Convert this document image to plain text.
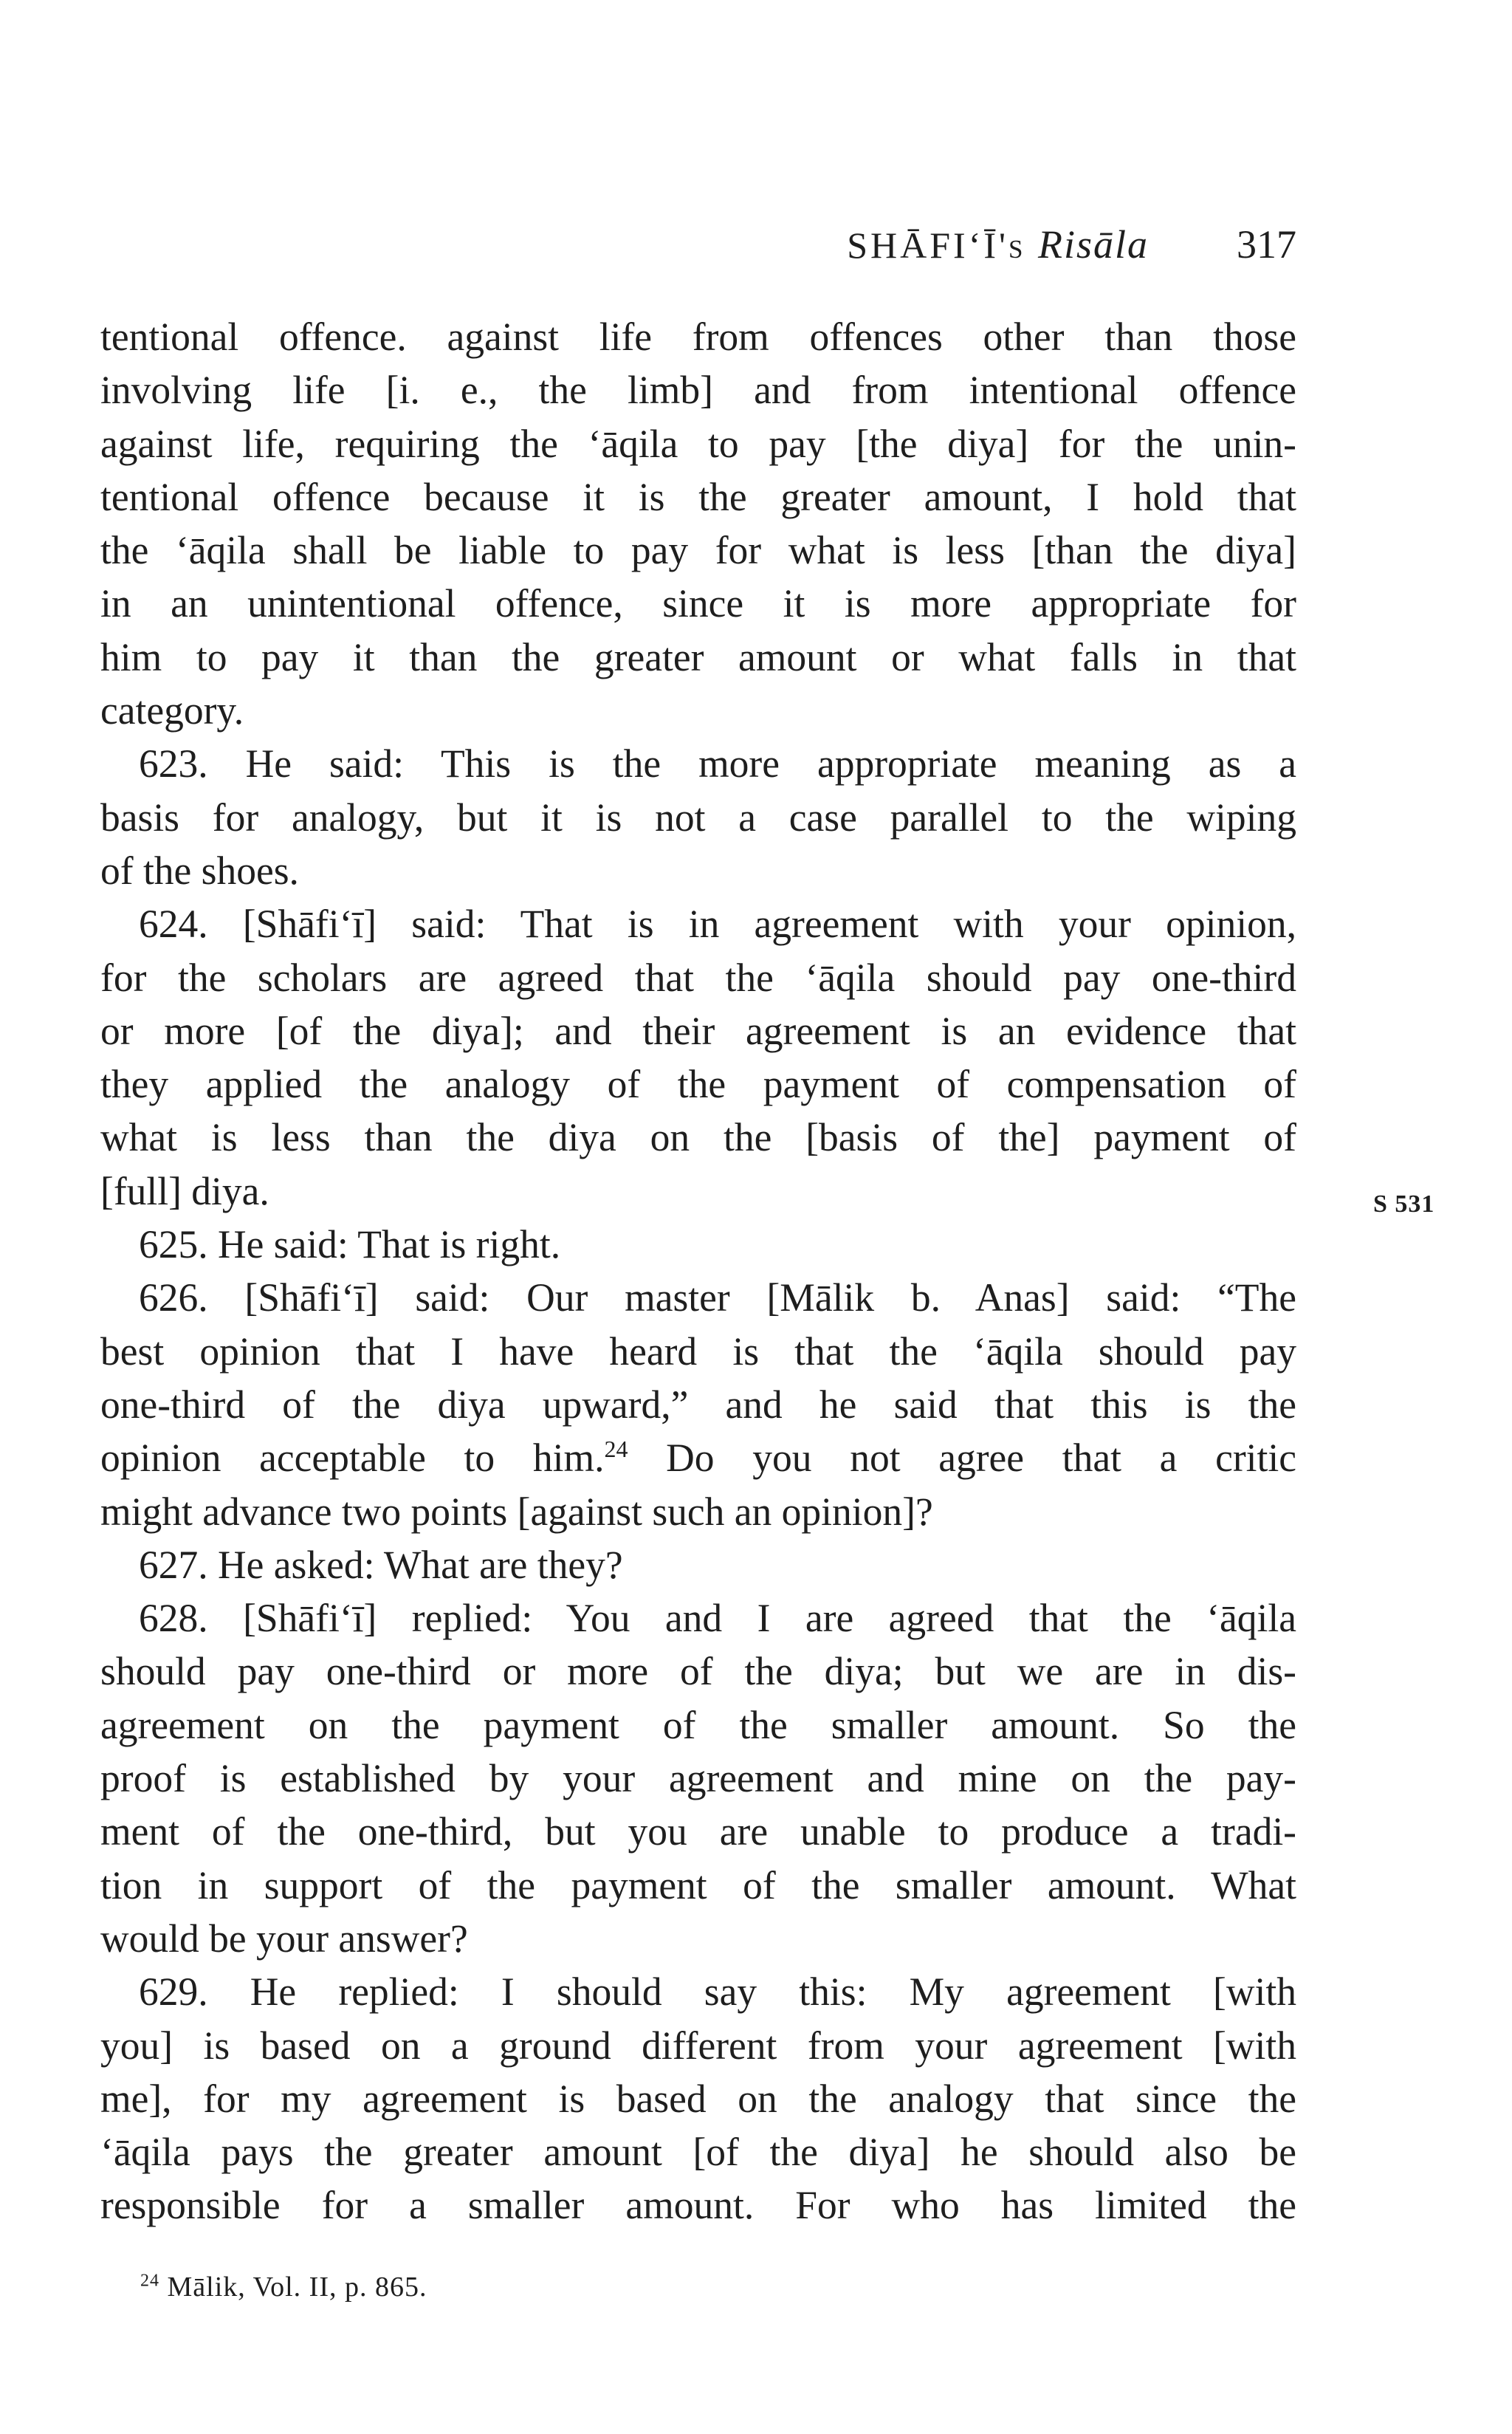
SHĀFIʻĪ's Risāla 317
tentional offence. against life from offences other than those
involving life [i. e., the limb] and from intentional offence
against life, requiring the ‘āqila to pay [the diya] for the unin-
tentional offence because it is the greater amount, I hold that
the ‘āqila shall be liable to pay for what is less [than the diya]
in an unintentional offence, since it is more appropriate for
him to pay it than the greater amount or what falls in that
category.
623. He said: This is the more appropriate meaning as a
basis for analogy, but it is not a case parallel to the wiping
of the shoes.
624. [Shāfi‘ī] said: That is in agreement with your opinion,
for the scholars are agreed that the ‘āqila should pay one-third
or more [of the diya]; and their agreement is an evidence that
they applied the analogy of the payment of compensation of
what is less than the diya on the [basis of the] payment of
[full] diya.
625. He said: That is right.
626. [Shāfi‘ī] said: Our master [Mālik b. Anas] said: “The
best opinion that I have heard is that the ‘āqila should pay
one-third of the diya upward,” and he said that this is the
opinion acceptable to him.$^{24}$ Do you not agree that a critic
might advance two points [against such an opinion]?
627. He asked: What are they?
628. [Shāfi‘ī] replied: You and I are agreed that the ‘āqila
should pay one-third or more of the diya; but we are in dis-
agreement on the payment of the smaller amount. So the
proof is established by your agreement and mine on the pay-
ment of the one-third, but you are unable to produce a tradi-
tion in support of the payment of the smaller amount. What
would be your answer?
629. He replied: I should say this: My agreement [with
you] is based on a ground different from your agreement [with
me], for my agreement is based on the analogy that since the
‘āqila pays the greater amount [of the diya] he should also be
responsible for a smaller amount. For who has limited the
S 531
$^{24}$ Mālik, Vol. II, p. 865.
